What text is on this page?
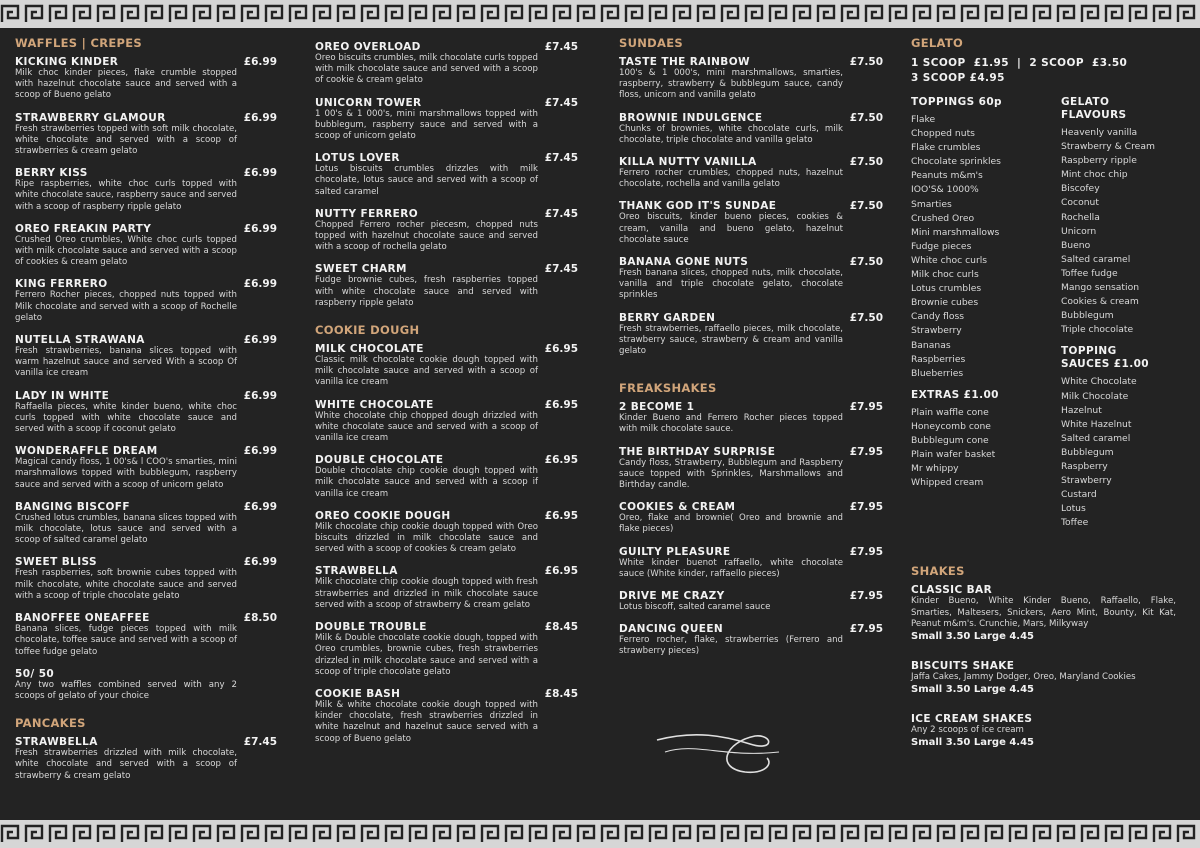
WAFFLES | CREPES
KICKING KINDER	£6.99
Milk choc kinder pieces, flake crumble stopped with hazelnut chocolate sauce and served with a scoop of Bueno gelato
STRAWBERRY GLAMOUR	£6.99
Fresh strawberries topped with soft milk chocolate, white chocolate and served with a scoop of strawberries & cream gelato
BERRY KISS	£6.99
Ripe raspberries, white choc curls topped with white chocolate sauce, raspberry sauce and served with a scoop of raspberry ripple gelato
OREO FREAKIN PARTY	£6.99
Crushed Oreo crumbles, White choc curls topped with milk chocolate sauce and served with a scoop of cookies & cream gelato
KING FERRERO	£6.99
Ferrero Rocher pieces, chopped nuts topped with Milk chocolate and served with a scoop of Rochelle gelato
NUTELLA STRAWANA	£6.99
Fresh strawberries, banana slices topped with warm hazelnut sauce and served With a scoop Of vanilla ice cream
LADY IN WHITE	£6.99
Raffaella pieces, white kinder bueno, white choc curls topped with white chocolate sauce and served with a scoop if coconut gelato
WONDERAFFLE DREAM	£6.99
Magical candy floss, 1 00's& l COO's smarties, mini marshmallows topped with bubblegum, raspberry sauce and served with a scoop of unicorn gelato
BANGING BISCOFF	£6.99
Crushed lotus crumbles, banana slices topped with milk chocolate, lotus sauce and served with a scoop of salted caramel gelato
SWEET BLISS	£6.99
Fresh raspberries, soft brownie cubes topped with milk chocolate, white chocolate sauce and served with a scoop of triple chocolate gelato
BANOFFEE ONEAFFEE	£8.50
Banana slices, fudge pieces topped with milk chocolate, toffee sauce and served with a scoop of toffee fudge gelato
50/ 50
Any two waffles combined served with any 2 scoops of gelato of your choice
PANCAKES
STRAWBELLA	£7.45
Fresh strawberries drizzled with milk chocolate, white chocolate and served with a scoop of strawberry & cream gelato
OREO OVERLOAD	£7.45
Oreo biscuits crumbles, milk chocolate curls topped with milk chocolate sauce and served with a scoop of cookie & cream gelato
UNICORN TOWER	£7.45
1 00's & 1 000's, mini marshmallows topped with bubblegum, raspberry sauce and served with a scoop of unicorn gelato
LOTUS LOVER	£7.45
Lotus biscuits crumbles drizzles with milk chocolate, lotus sauce and served with a scoop of salted caramel
NUTTY FERRERO	£7.45
Chopped Ferrero rocher piecesm, chopped nuts topped with hazelnut chocolate sauce and served with a scoop of rochella gelato
SWEET CHARM	£7.45
Fudge brownie cubes, fresh raspberries topped with white chocolate sauce and served with raspberry ripple gelato
COOKIE DOUGH
MILK CHOCOLATE	£6.95
Classic milk chocolate cookie dough topped with milk chocolate sauce and served with a scoop of vanilla ice cream
WHITE CHOCOLATE	£6.95
White chocolate chip chopped dough drizzled with white chocolate sauce and served with a scoop of vanilla ice cream
DOUBLE CHOCOLATE	£6.95
Double chocolate chip cookie dough topped with milk chocolate sauce and served with a scoop if vanilla ice cream
OREO COOKIE DOUGH	£6.95
Milk chocolate chip cookie dough topped with Oreo biscuits drizzled in milk chocolate sauce and served with a scoop of cookies & cream gelato
STRAWBELLA	£6.95
Milk chocolate chip cookie dough topped with fresh strawberries and drizzled in milk chocolate sauce served with a scoop of strawberry & cream gelato
DOUBLE TROUBLE	£8.45
Milk & Double chocolate cookie dough, topped with Oreo crumbles, brownie cubes, fresh strawberries drizzled in milk chocolate sauce and served with a scoop of triple chocolate gelato
COOKIE BASH	£8.45
Milk & white chocolate cookie dough topped with kinder chocolate, fresh strawberries drizzled in white hazelnut and hazelnut sauce served with a scoop of Bueno gelato
SUNDAES
TASTE THE RAINBOW	£7.50
100's & 1 000's, mini marshmallows, smarties, raspberry, strawberry & bubblegum sauce, candy floss, unicorn and vanilla gelato
BROWNIE INDULGENCE	£7.50
Chunks of brownies, white chocolate curls, milk chocolate, triple chocolate and vanilla gelato
KILLA NUTTY VANILLA	£7.50
Ferrero rocher crumbles, chopped nuts, hazelnut chocolate, rochella and vanilla gelato
THANK GOD IT'S SUNDAE	£7.50
Oreo biscuits, kinder bueno pieces, cookies & cream, vanilla and bueno gelato, hazelnut chocolate sauce
BANANA GONE NUTS	£7.50
Fresh banana slices, chopped nuts, milk chocolate, vanilla and triple chocolate gelato, chocolate sprinkles
BERRY GARDEN	£7.50
Fresh strawberries, raffaello pieces, milk chocolate, strawberry sauce, strawberry & cream and vanilla gelato
FREAKSHAKES
2 BECOME 1	£7.95
Kinder Bueno and Ferrero Rocher pieces topped with milk chocolate sauce.
THE BIRTHDAY SURPRISE	£7.95
Candy floss, Strawberry, Bubblegum and Raspberry sauce topped with Sprinkles, Marshmallows and Birthday candle.
COOKIES & CREAM	£7.95
Oreo, flake and brownie( Oreo and brownie and flake pieces)
GUILTY PLEASURE	£7.95
White kinder buenot raffaello, white chocolate sauce (White kinder, raffaello pieces)
DRIVE ME CRAZY	£7.95
Lotus biscoff, salted caramel sauce
DANCING QUEEN	£7.95
Ferrero rocher, flake, strawberries (Ferrero and strawberry pieces)
GELATO
1 SCOOP  £1.95  |  2 SCOOP  £3.50
3 SCOOP £4.95
TOPPINGS 60p
Flake
Chopped nuts
Flake crumbles
Chocolate sprinkles
Peanuts m&m's
IOO'S& 1000%
Smarties
Crushed Oreo
Mini marshmallows
Fudge pieces
White choc curls
Milk choc curls
Lotus crumbles
Brownie cubes
Candy floss
Strawberry
Bananas
Raspberries
Blueberries
EXTRAS £1.00
Plain waffle cone
Honeycomb cone
Bubblegum cone
Plain wafer basket
Mr whippy
Whipped cream
GELATO FLAVOURS
Heavenly vanilla
Strawberry & Cream
Raspberry ripple
Mint choc chip
Biscofey
Coconut
Rochella
Unicorn
Bueno
Salted caramel
Toffee fudge
Mango sensation
Cookies & cream
Bubblegum
Triple chocolate
TOPPING
SAUCES £1.00
White Chocolate
Milk Chocolate
Hazelnut
White Hazelnut
Salted caramel
Bubblegum
Raspberry
Strawberry
Custard
Lotus
Toffee
SHAKES
CLASSIC BAR
Kinder Bueno, White Kinder Bueno, Raffaello, Flake, Smarties, Maltesers, Snickers, Aero Mint, Bounty, Kit Kat, Peanut m&m's. Crunchie, Mars, Milkyway
Small 3.50 Large 4.45
BISCUITS SHAKE
Jaffa Cakes, Jammy Dodger, Oreo, Maryland Cookies
Small 3.50 Large 4.45
ICE CREAM SHAKES
Any 2 scoops of ice cream
Small 3.50 Large 4.45
